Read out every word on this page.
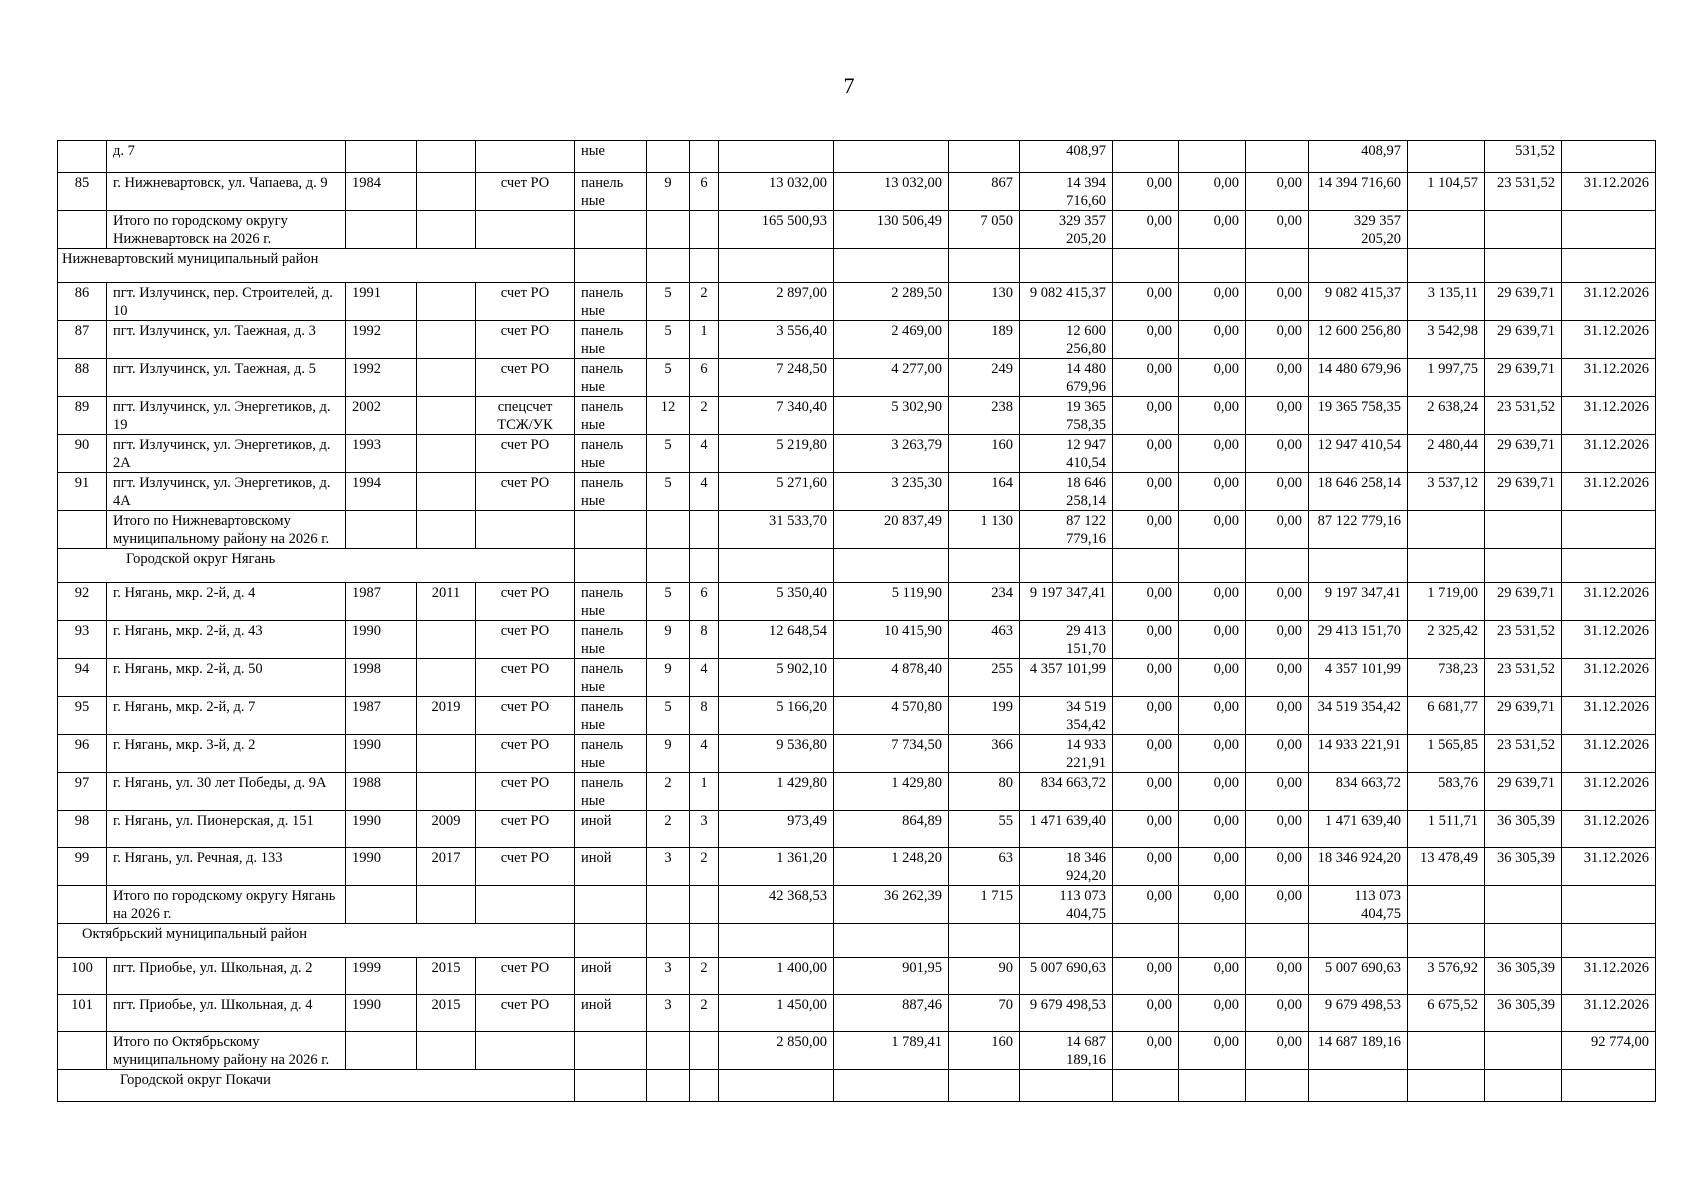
7
	д. 7				ные						408,97				408,97		531,52	
85	г. Нижневартовск, ул. Чапаева, д. 9	1984		счет РО	панель ные	9	6	13 032,00	13 032,00	867	14 394 716,60	0,00	0,00	0,00	14 394 716,60	1 104,57	23 531,52	31.12.2026
	Итого по городскому округу Нижневартовск на 2026 г.							165 500,93	130 506,49	7 050	329 357 205,20	0,00	0,00	0,00	329 357 205,20			
Нижневартовский муниципальный район																		
86	пгт. Излучинск, пер. Строителей, д. 10	1991		счет РО	панель ные	5	2	2 897,00	2 289,50	130	9 082 415,37	0,00	0,00	0,00	9 082 415,37	3 135,11	29 639,71	31.12.2026
87	пгт. Излучинск, ул. Таежная, д. 3	1992		счет РО	панель ные	5	1	3 556,40	2 469,00	189	12 600 256,80	0,00	0,00	0,00	12 600 256,80	3 542,98	29 639,71	31.12.2026
88	пгт. Излучинск, ул. Таежная, д. 5	1992		счет РО	панель ные	5	6	7 248,50	4 277,00	249	14 480 679,96	0,00	0,00	0,00	14 480 679,96	1 997,75	29 639,71	31.12.2026
89	пгт. Излучинск, ул. Энергетиков, д. 19	2002		спецсчет ТСЖ/УК	панель ные	12	2	7 340,40	5 302,90	238	19 365 758,35	0,00	0,00	0,00	19 365 758,35	2 638,24	23 531,52	31.12.2026
90	пгт. Излучинск, ул. Энергетиков, д. 2А	1993		счет РО	панель ные	5	4	5 219,80	3 263,79	160	12 947 410,54	0,00	0,00	0,00	12 947 410,54	2 480,44	29 639,71	31.12.2026
91	пгт. Излучинск, ул. Энергетиков, д. 4А	1994		счет РО	панель ные	5	4	5 271,60	3 235,30	164	18 646 258,14	0,00	0,00	0,00	18 646 258,14	3 537,12	29 639,71	31.12.2026
	Итого по Нижневартовскому муниципальному району на 2026 г.							31 533,70	20 837,49	1 130	87 122 779,16	0,00	0,00	0,00	87 122 779,16			
Городской округ Нягань																		
92	г. Нягань, мкр. 2-й, д. 4	1987	2011	счет РО	панель ные	5	6	5 350,40	5 119,90	234	9 197 347,41	0,00	0,00	0,00	9 197 347,41	1 719,00	29 639,71	31.12.2026
93	г. Нягань, мкр. 2-й, д. 43	1990		счет РО	панель ные	9	8	12 648,54	10 415,90	463	29 413 151,70	0,00	0,00	0,00	29 413 151,70	2 325,42	23 531,52	31.12.2026
94	г. Нягань, мкр. 2-й, д. 50	1998		счет РО	панель ные	9	4	5 902,10	4 878,40	255	4 357 101,99	0,00	0,00	0,00	4 357 101,99	738,23	23 531,52	31.12.2026
95	г. Нягань, мкр. 2-й, д. 7	1987	2019	счет РО	панель ные	5	8	5 166,20	4 570,80	199	34 519 354,42	0,00	0,00	0,00	34 519 354,42	6 681,77	29 639,71	31.12.2026
96	г. Нягань, мкр. 3-й, д. 2	1990		счет РО	панель ные	9	4	9 536,80	7 734,50	366	14 933 221,91	0,00	0,00	0,00	14 933 221,91	1 565,85	23 531,52	31.12.2026
97	г. Нягань, ул. 30 лет Победы, д. 9А	1988		счет РО	панель ные	2	1	1 429,80	1 429,80	80	834 663,72	0,00	0,00	0,00	834 663,72	583,76	29 639,71	31.12.2026
98	г. Нягань, ул. Пионерская, д. 151	1990	2009	счет РО	иной	2	3	973,49	864,89	55	1 471 639,40	0,00	0,00	0,00	1 471 639,40	1 511,71	36 305,39	31.12.2026
99	г. Нягань, ул. Речная, д. 133	1990	2017	счет РО	иной	3	2	1 361,20	1 248,20	63	18 346 924,20	0,00	0,00	0,00	18 346 924,20	13 478,49	36 305,39	31.12.2026
	Итого по городскому округу Нягань на 2026 г.							42 368,53	36 262,39	1 715	113 073 404,75	0,00	0,00	0,00	113 073 404,75			
Октябрьский муниципальный район																		
100	пгт. Приобье, ул. Школьная, д. 2	1999	2015	счет РО	иной	3	2	1 400,00	901,95	90	5 007 690,63	0,00	0,00	0,00	5 007 690,63	3 576,92	36 305,39	31.12.2026
101	пгт. Приобье, ул. Школьная, д. 4	1990	2015	счет РО	иной	3	2	1 450,00	887,46	70	9 679 498,53	0,00	0,00	0,00	9 679 498,53	6 675,52	36 305,39	31.12.2026
	Итого по Октябрьскому муниципальному району на 2026 г.							2 850,00	1 789,41	160	14 687 189,16	0,00	0,00	0,00	14 687 189,16			92 774,00
Городской округ Покачи																		
